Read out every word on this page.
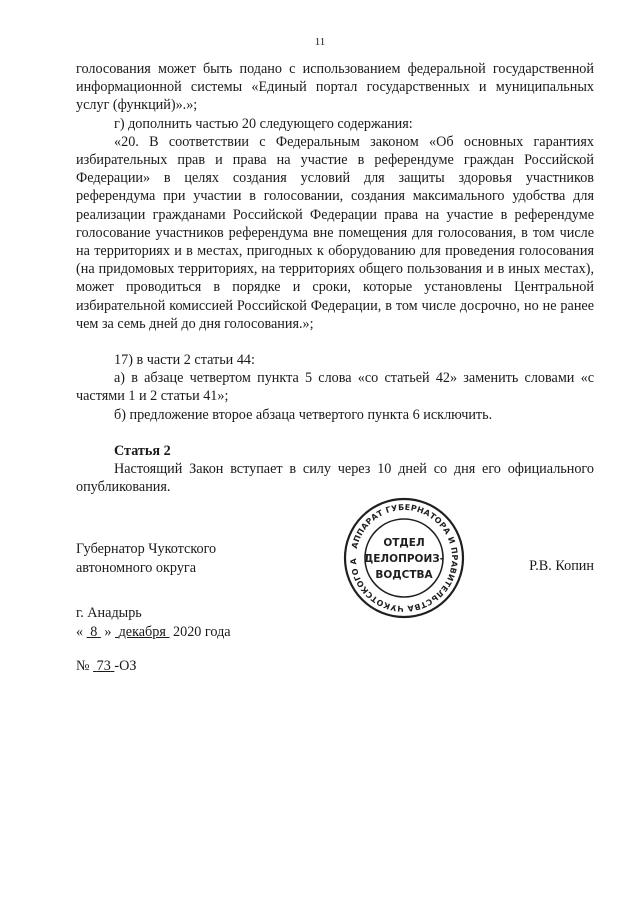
11

голосования может быть подано с использованием федеральной государственной информационной системы «Единый портал государственных и муниципальных услуг (функций)».»;

г) дополнить частью 20 следующего содержания:

«20. В соответствии с Федеральным законом «Об основных гарантиях избирательных прав и права на участие в референдуме граждан Российской Федерации» в целях создания условий для защиты здоровья участников референдума при участии в голосовании, создания максимального удобства для реализации гражданами Российской Федерации права на участие в референдуме голосование участников референдума вне помещения для голосования, в том числе на территориях и в местах, пригодных к оборудованию для проведения голосования (на придомовых территориях, на территориях общего пользования и в иных местах), может проводиться в порядке и сроки, которые установлены Центральной избирательной комиссией Российской Федерации, в том числе досрочно, но не ранее чем за семь дней до дня голосования.»;

17) в части 2 статьи 44:

а) в абзаце четвертом пункта 5 слова «со статьей 42» заменить словами «с частями 1 и 2 статьи 41»;

б) предложение второе абзаца четвертого пункта 6 исключить.

Статья 2

Настоящий Закон вступает в силу через 10 дней со дня его официального опубликования.

Губернатор Чукотского
автономного округа
АППАРАТ ГУБЕРНАТОРА И ПРАВИТЕЛЬСТВА ЧУКОТСКОГО А
ОТДЕЛ
ДЕЛОПРОИЗ-
ВОДСТВА
Р.В. Копин
г. Анадырь
« 8 » декабря 2020 года
№ 73 -ОЗ
